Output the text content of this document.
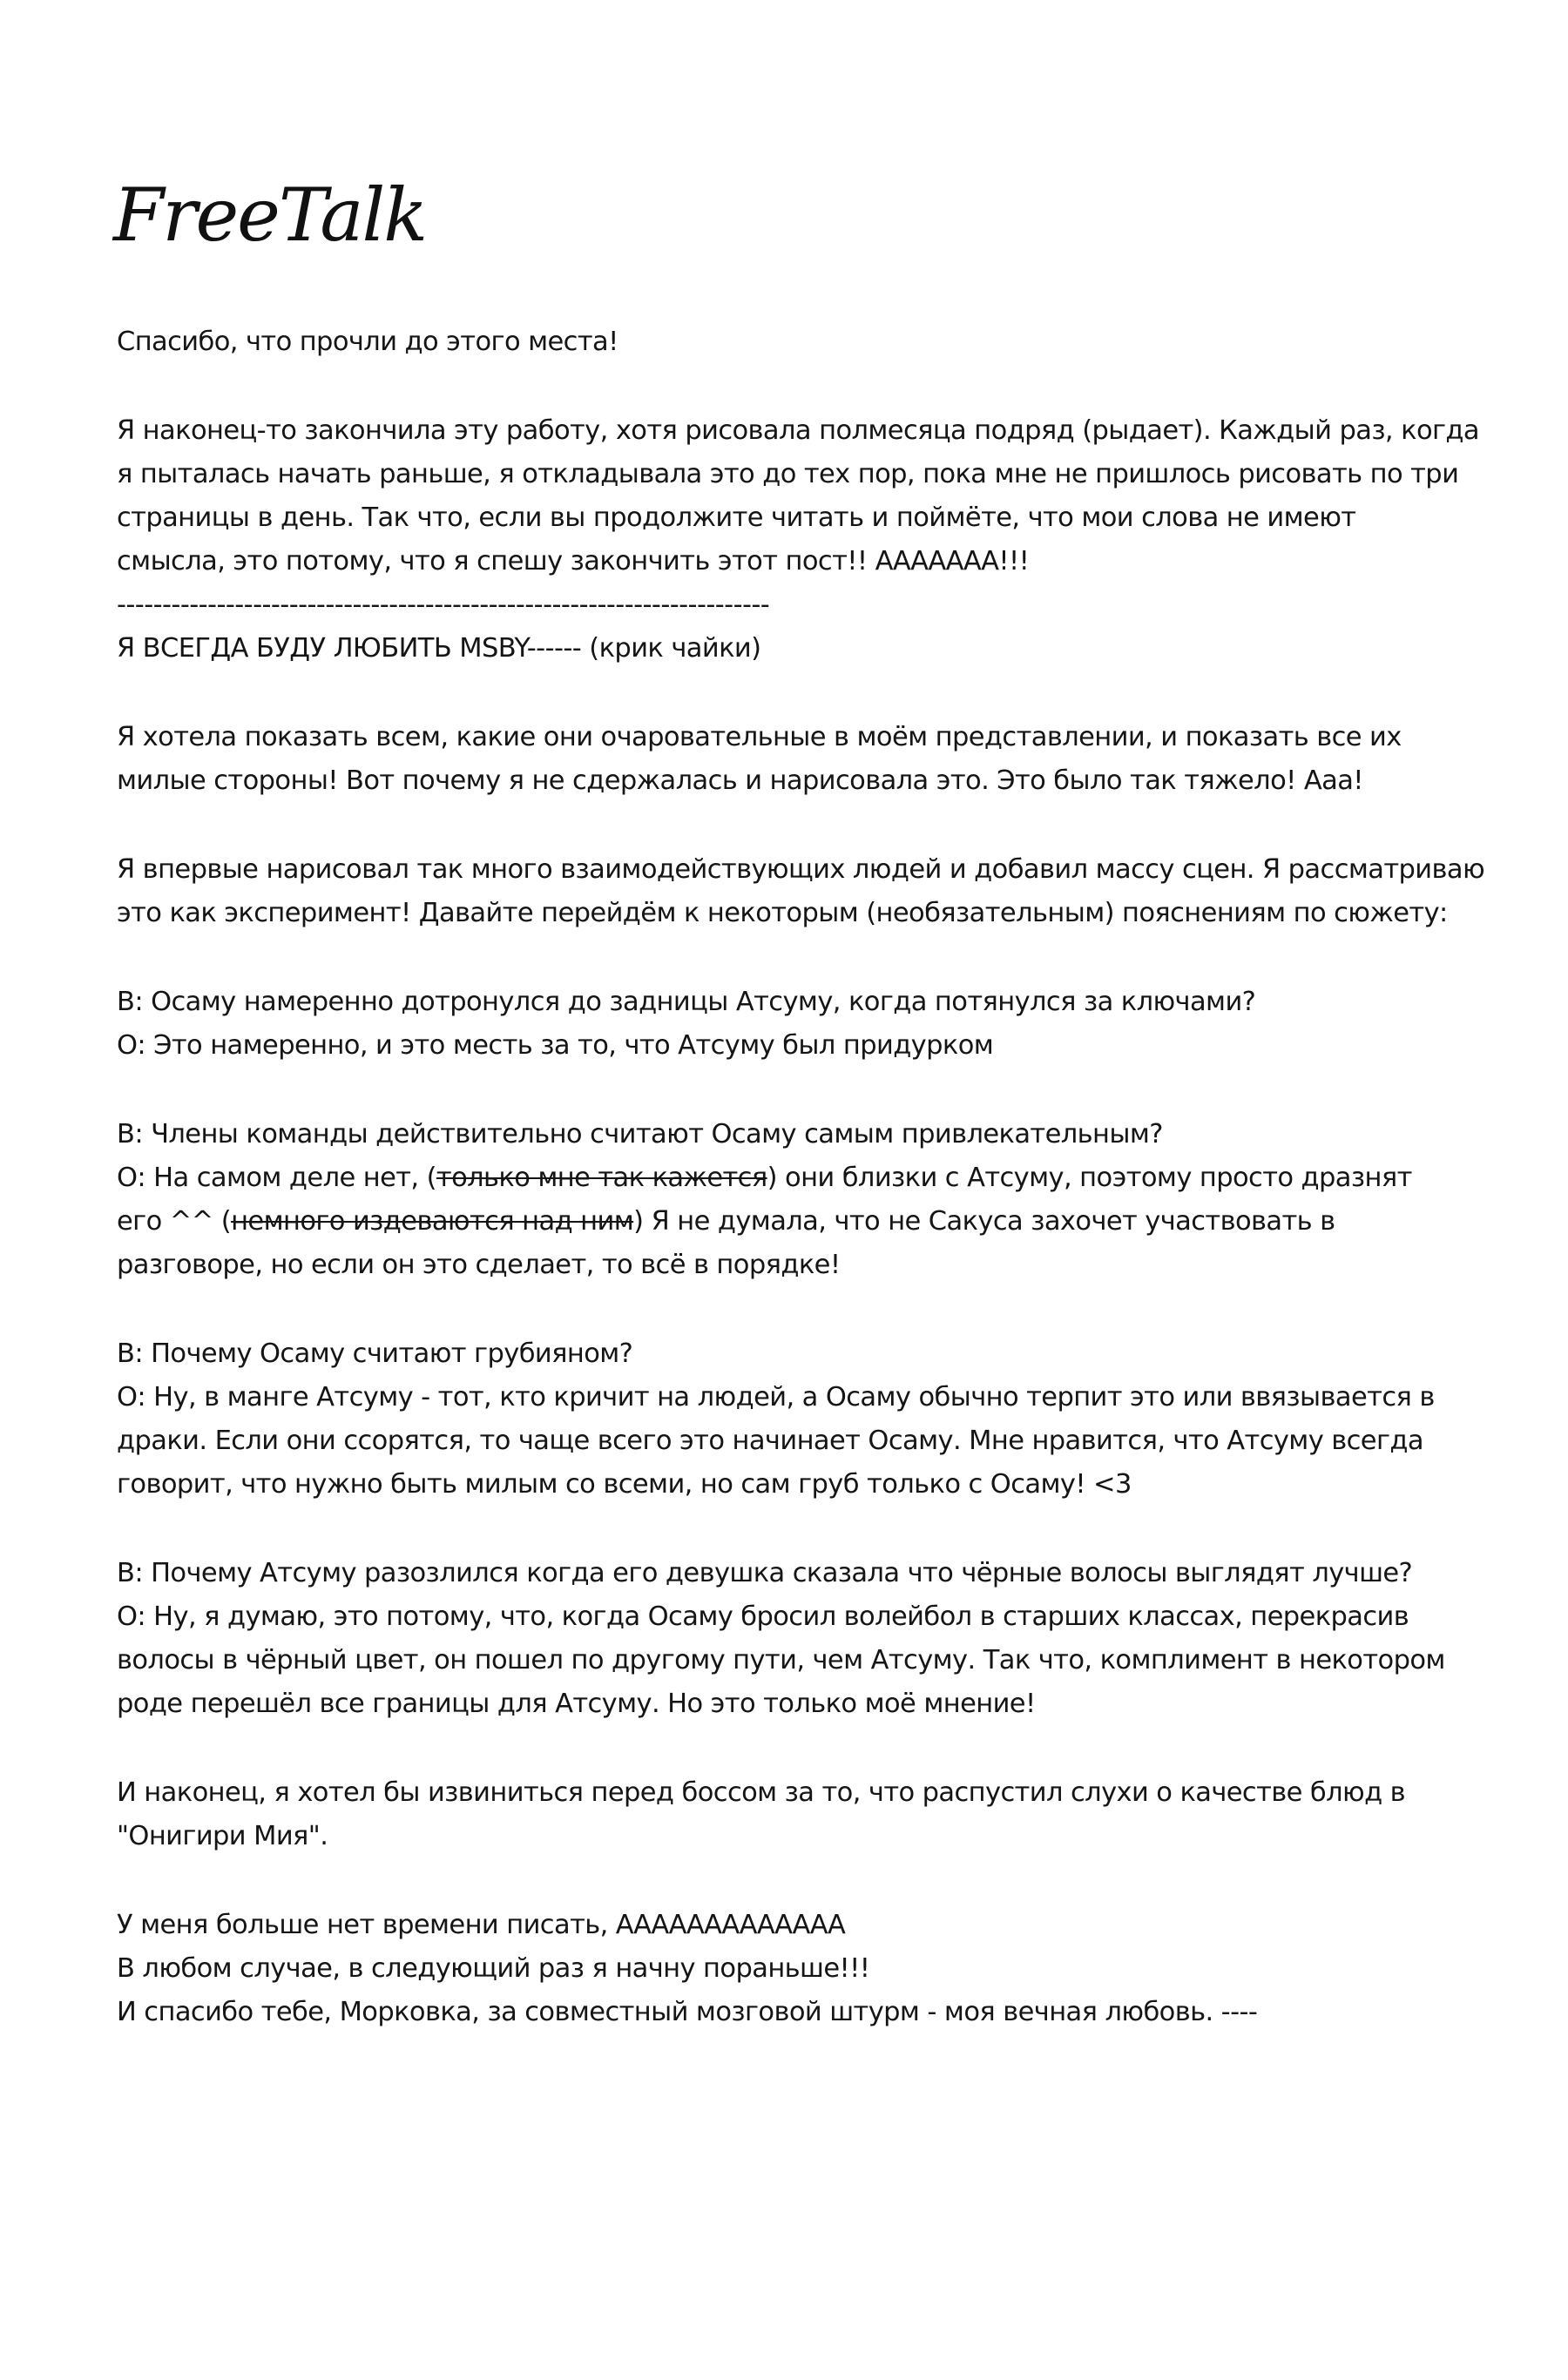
FreeTalk
Спасибо, что прочли до этого места!
Я наконец-то закончила эту работу, хотя рисовала полмесяца подряд (рыдает). Каждый раз, когда
я пыталась начать раньше, я откладывала это до тех пор, пока мне не пришлось рисовать по три
страницы в день. Так что, если вы продолжите читать и поймёте, что мои слова не имеют
смысла, это потому, что я спешу закончить этот пост!! ААААААА!!!
------------------------------------------------------------------------
Я ВСЕГДА БУДУ ЛЮБИТЬ MSBY------ (крик чайки)
Я хотела показать всем, какие они очаровательные в моём представлении, и показать все их
милые стороны! Вот почему я не сдержалась и нарисовала это. Это было так тяжело! Ааа!
Я впервые нарисовал так много взаимодействующих людей и добавил массу сцен. Я рассматриваю
это как эксперимент! Давайте перейдём к некоторым (необязательным) пояснениям по сюжету:
В: Осаму намеренно дотронулся до задницы Атсуму, когда потянулся за ключами?
О: Это намеренно, и это месть за то, что Атсуму был придурком
В: Члены команды действительно считают Осаму самым привлекательным?
О: На самом деле нет, (только мне так кажется) они близки с Атсуму, поэтому просто дразнят
его ^^ (немного издеваются над ним) Я не думала, что не Сакуса захочет участвовать в
разговоре, но если он это сделает, то всё в порядке!
В: Почему Осаму считают грубияном?
О: Ну, в манге Атсуму - тот, кто кричит на людей, а Осаму обычно терпит это или ввязывается в
драки. Если они ссорятся, то чаще всего это начинает Осаму. Мне нравится, что Атсуму всегда
говорит, что нужно быть милым со всеми, но сам груб только с Осаму! <3
В: Почему Атсуму разозлился когда его девушка сказала что чёрные волосы выглядят лучше?
О: Ну, я думаю, это потому, что, когда Осаму бросил волейбол в старших классах, перекрасив
волосы в чёрный цвет, он пошел по другому пути, чем Атсуму. Так что, комплимент в некотором
роде перешёл все границы для Атсуму. Но это только моё мнение!
И наконец, я хотел бы извиниться перед боссом за то, что распустил слухи о качестве блюд в
"Онигири Мия".
У меня больше нет времени писать, ААААААААААААА
В любом случае, в следующий раз я начну пораньше!!!
И спасибо тебе, Морковка, за совместный мозговой штурм - моя вечная любовь. ----
